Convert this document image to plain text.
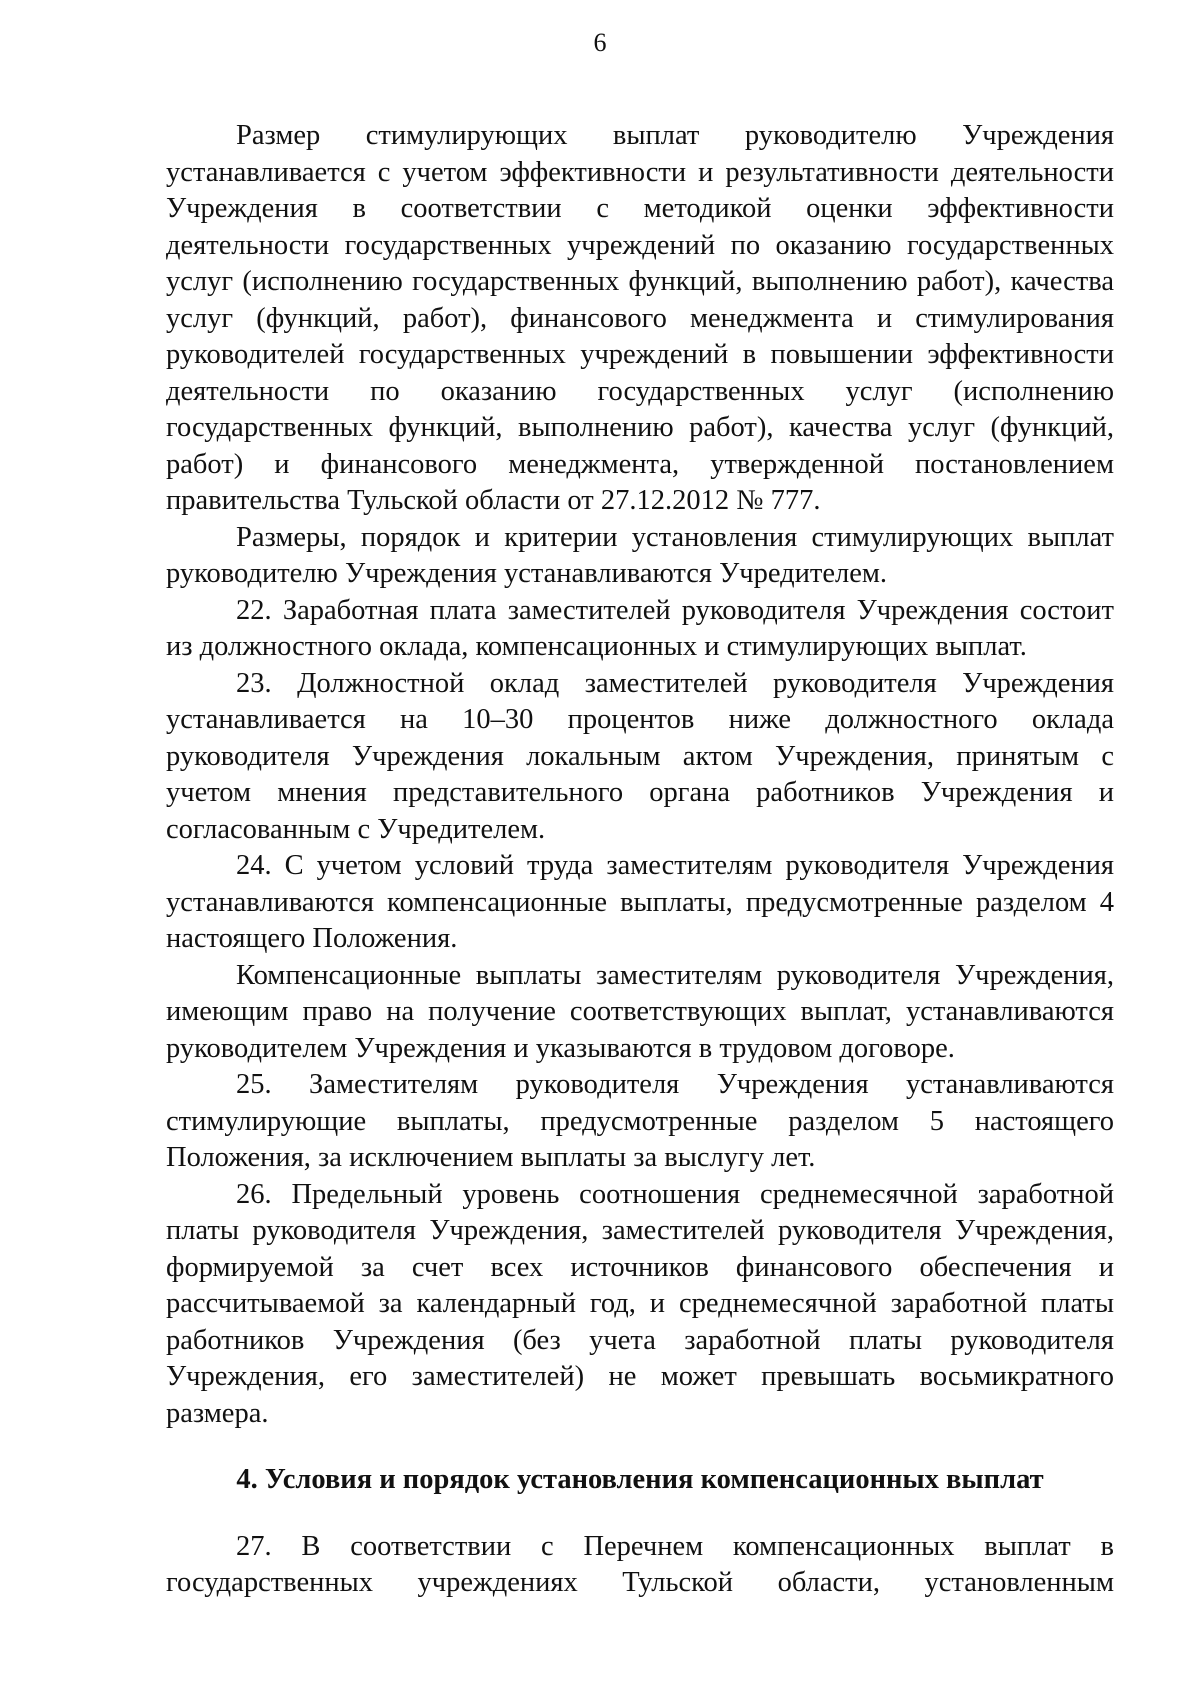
6

Размер стимулирующих выплат руководителю Учреждения устанавливается с учетом эффективности и результативности деятельности Учреждения в соответствии с методикой оценки эффективности деятельности государственных учреждений по оказанию государственных услуг (исполнению государственных функций, выполнению работ), качества услуг (функций, работ), финансового менеджмента и стимулирования руководителей государственных учреждений в повышении эффективности деятельности по оказанию государственных услуг (исполнению государственных функций, выполнению работ), качества услуг (функций, работ) и финансового менеджмента, утвержденной постановлением правительства Тульской области от 27.12.2012 № 777.

Размеры, порядок и критерии установления стимулирующих выплат руководителю Учреждения устанавливаются Учредителем.

22. Заработная плата заместителей руководителя Учреждения состоит из должностного оклада, компенсационных и стимулирующих выплат.

23. Должностной оклад заместителей руководителя Учреждения устанавливается на 10–30 процентов ниже должностного оклада руководителя Учреждения локальным актом Учреждения, принятым с учетом мнения представительного органа работников Учреждения и согласованным с Учредителем.

24. С учетом условий труда заместителям руководителя Учреждения устанавливаются компенсационные выплаты, предусмотренные разделом 4 настоящего Положения.

Компенсационные выплаты заместителям руководителя Учреждения, имеющим право на получение соответствующих выплат, устанавливаются руководителем Учреждения и указываются в трудовом договоре.

25. Заместителям руководителя Учреждения устанавливаются стимулирующие выплаты, предусмотренные разделом 5 настоящего Положения, за исключением выплаты за выслугу лет.

26. Предельный уровень соотношения среднемесячной заработной платы руководителя Учреждения, заместителей руководителя Учреждения, формируемой за счет всех источников финансового обеспечения и рассчитываемой за календарный год, и среднемесячной заработной платы работников Учреждения (без учета заработной платы руководителя Учреждения, его заместителей) не может превышать восьмикратного размера.

4. Условия и порядок установления компенсационных выплат

27. В соответствии с Перечнем компенсационных выплат в

государственных учреждениях Тульской области, установленным
